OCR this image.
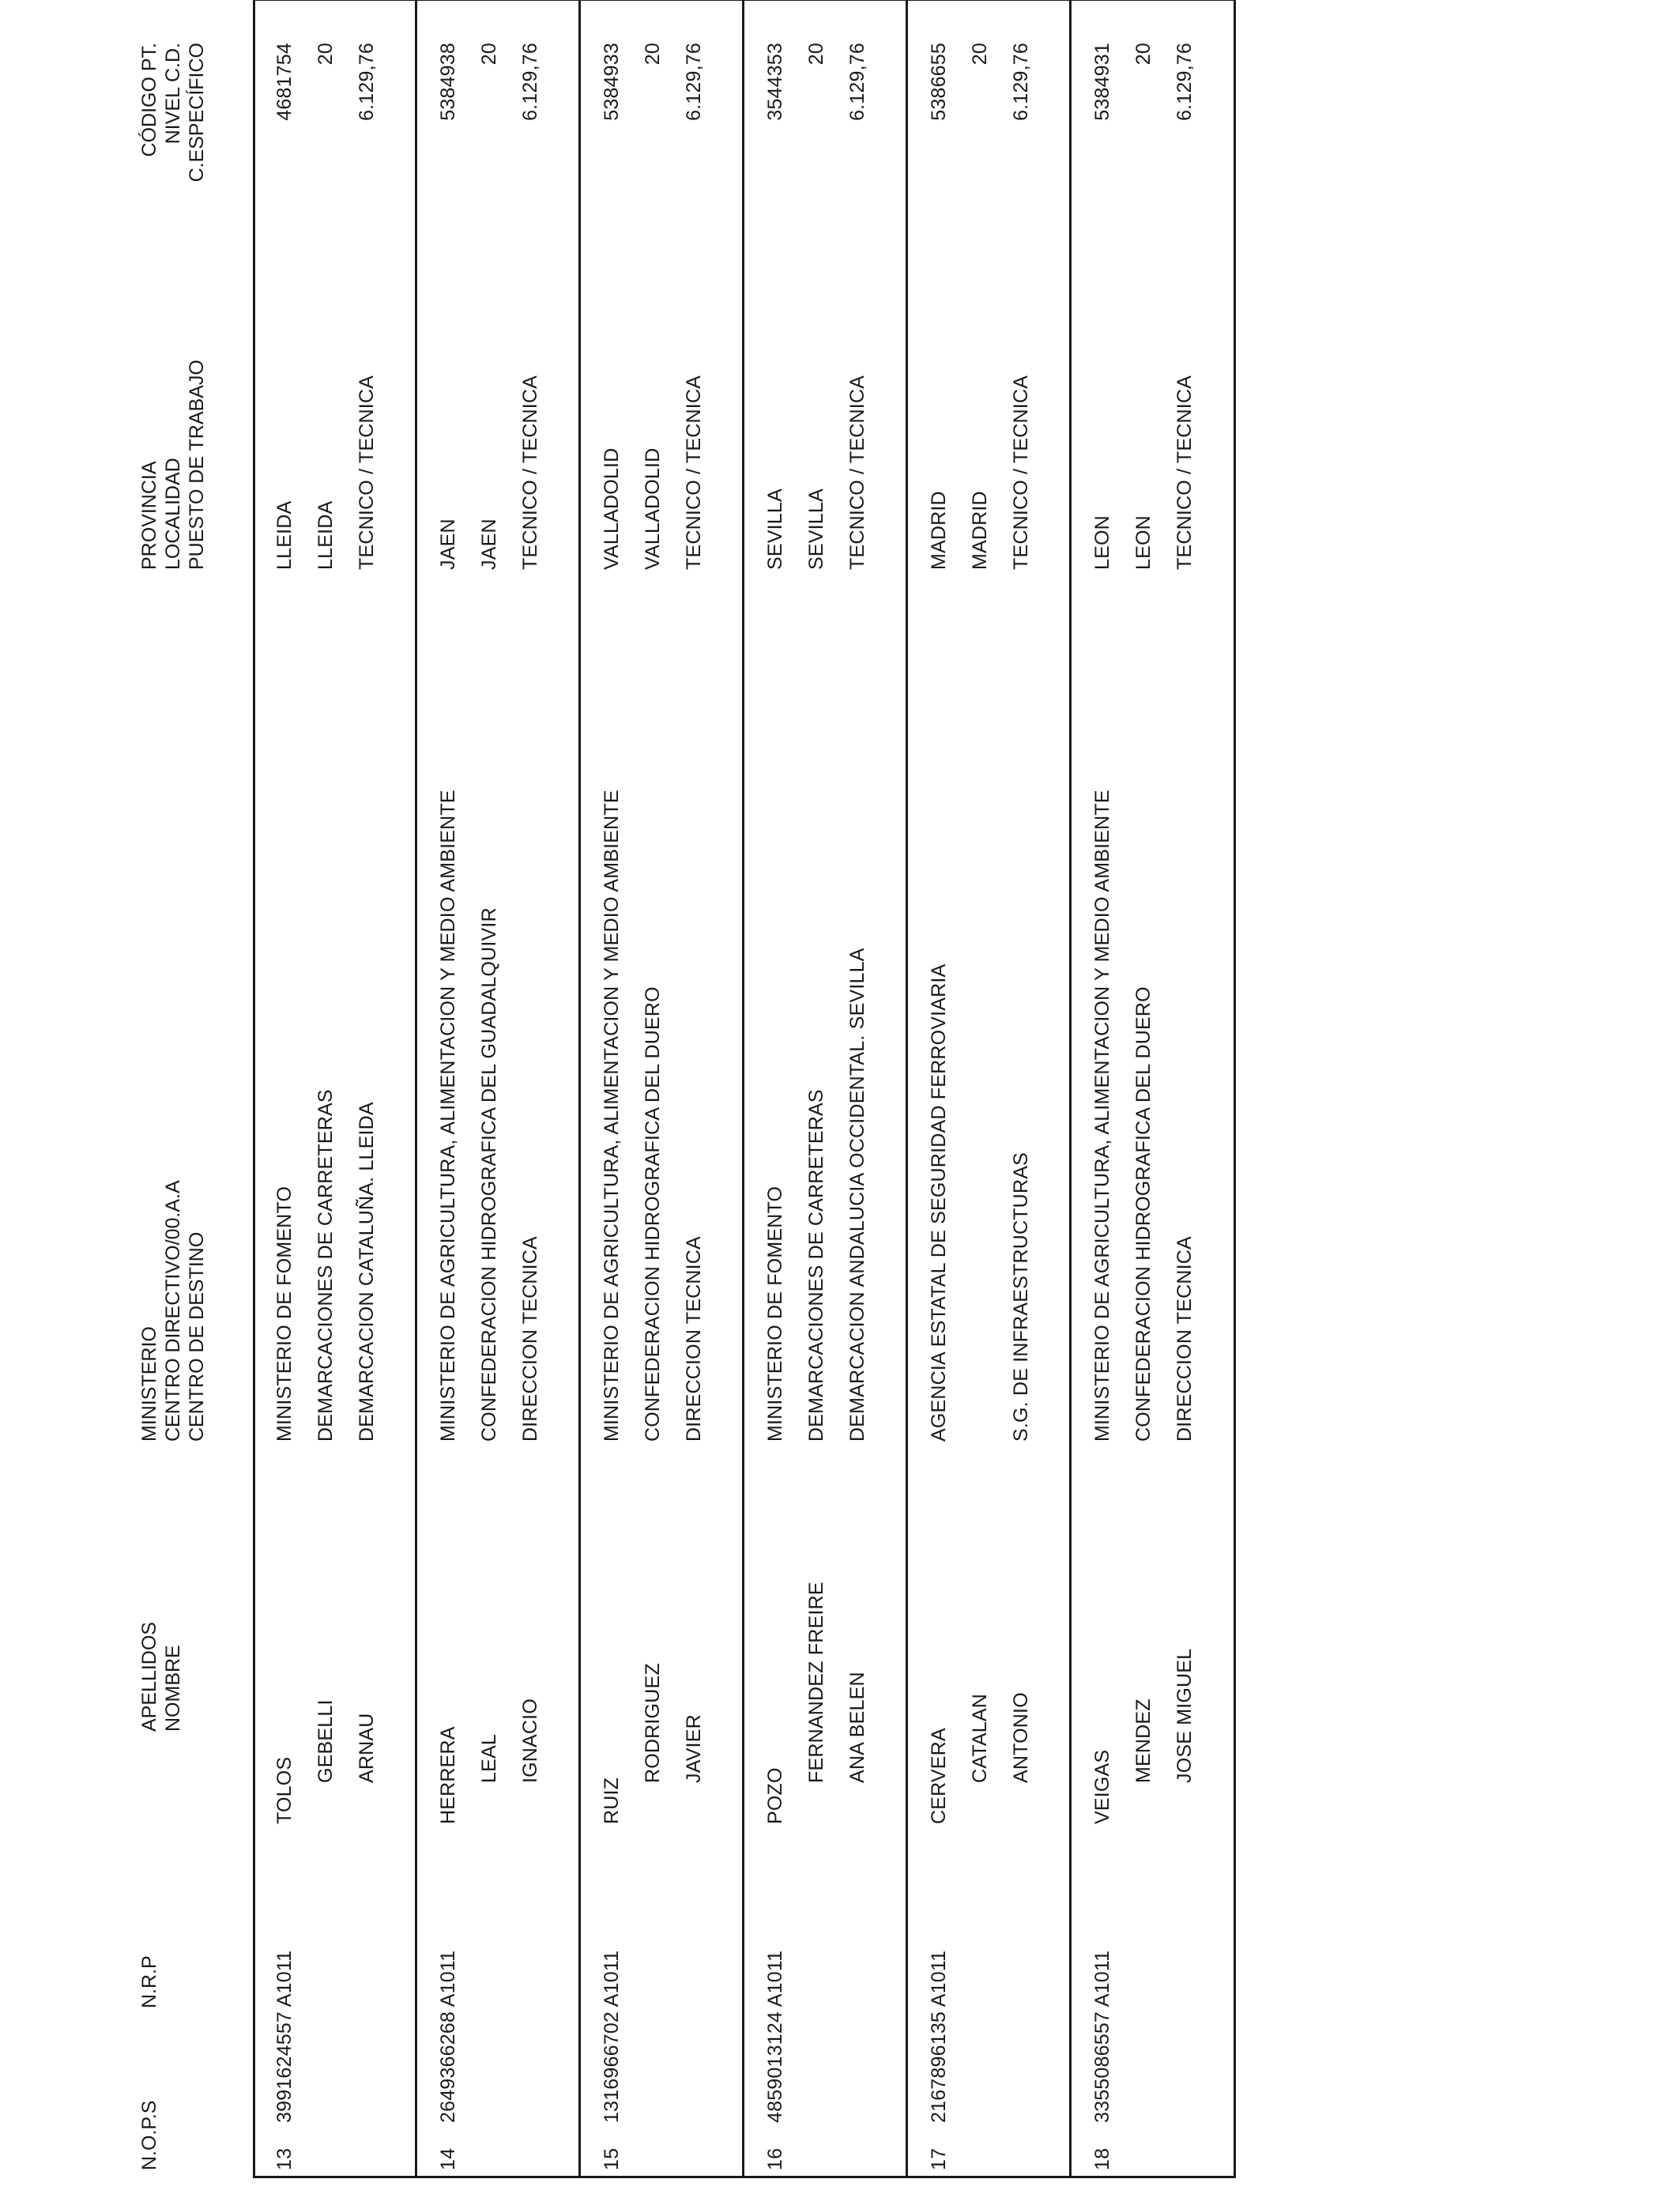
N.O.P.S
N.R.P
APELLIDOS NOMBRE
MINISTERIO CENTRO DIRECTIVO/00.A.A CENTRO DE DESTINO
PROVINCIA LOCALIDAD PUESTO DE TRABAJO
CÓDIGO PT. NIVEL C.D. C.ESPECÍFICO
13
3991624557 A1011
TOLOS
GEBELLI ARNAU
MINISTERIO DE FOMENTO DEMARCACIONES DE CARRETERAS DEMARCACION CATALUÑA. LLEIDA
LLEIDA LLEIDA TECNICO / TECNICA
4681754 20 6.129,76
14
2649366268 A1011
HERRERA LEAL IGNACIO
MINISTERIO DE AGRICULTURA, ALIMENTACION Y MEDIO AMBIENTE CONFEDERACION HIDROGRAFICA DEL GUADALQUIVIR DIRECCION TECNICA
JAEN JAEN TECNICO / TECNICA
5384938 20 6.129,76
15
1316966702 A1011
RUIZ
RODRIGUEZ JAVIER
MINISTERIO DE AGRICULTURA, ALIMENTACION Y MEDIO AMBIENTE CONFEDERACION HIDROGRAFICA DEL DUERO DIRECCION TECNICA
VALLADOLID VALLADOLID TECNICO / TECNICA
5384933 20 6.129,76
16
4859013124 A1011
POZO
FERNANDEZ FREIRE ANA BELEN
MINISTERIO DE FOMENTO DEMARCACIONES DE CARRETERAS DEMARCACION ANDALUCIA OCCIDENTAL. SEVILLA
SEVILLA SEVILLA TECNICO / TECNICA
3544353 20 6.129,76
17
2167896135 A1011
CERVERA CATALAN ANTONIO
AGENCIA ESTATAL DE SEGURIDAD FERROVIARIA	S.G. DE INFRAESTRUCTURAS
MADRID MADRID TECNICO / TECNICA
5386655 20 6.129,76
18
3355086557 A1011
VEIGAS
MENDEZ JOSE MIGUEL
MINISTERIO DE AGRICULTURA, ALIMENTACION Y MEDIO AMBIENTE CONFEDERACION HIDROGRAFICA DEL DUERO DIRECCION TECNICA
LEON LEON TECNICO / TECNICA
5384931 20 6.129,76
